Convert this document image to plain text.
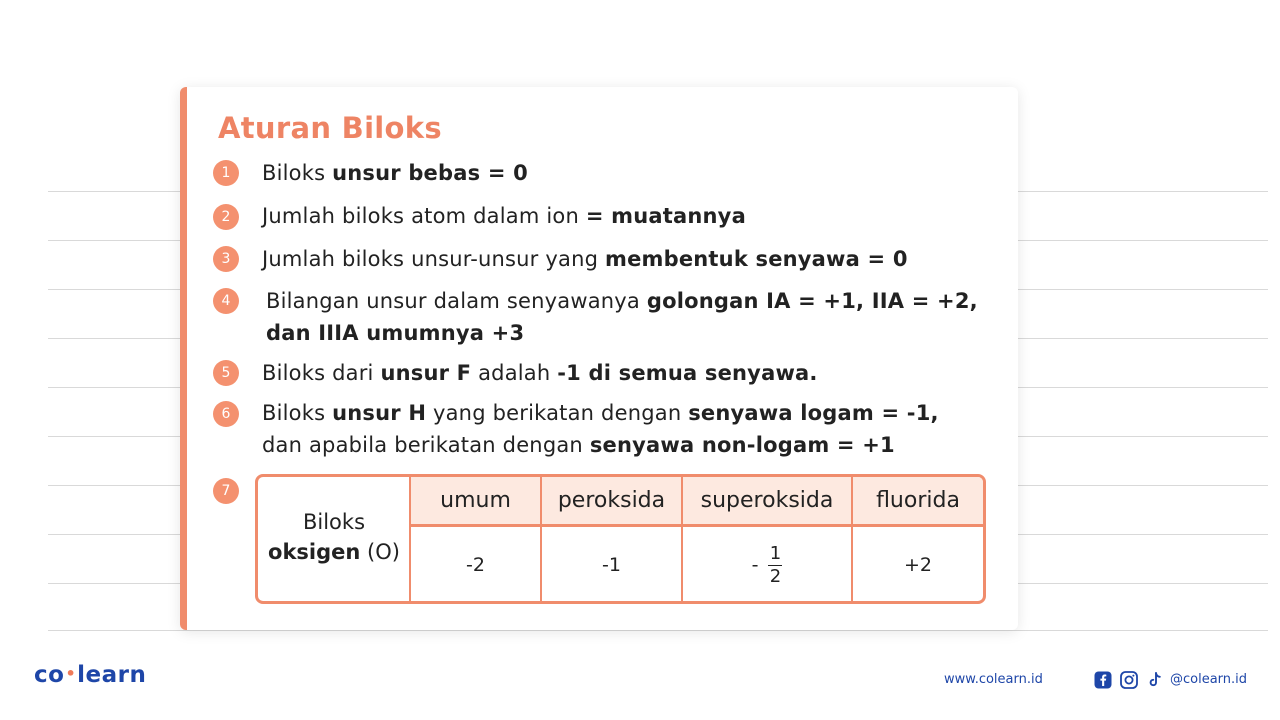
Aturan Biloks
1	Biloks unsur bebas = 0
2	Jumlah biloks atom dalam ion = muatannya
3	Jumlah biloks unsur-unsur yang membentuk senyawa = 0
4	Bilangan unsur dalam senyawanya golongan IA = +1, IIA = +2,
dan IIIA umumnya +3
5	Biloks dari unsur F adalah -1 di semua senyawa.
6	Biloks unsur H yang berikatan dengan senyawa logam = -1,
dan apabila berikatan dengan senyawa non-logam = +1
7
Biloks
oksigen (O)
umum	peroksida	superoksida	fluorida
-2	-1	- $\frac{1}{2}$	+2
co•learn	www.colearn.id	@colearn.id
